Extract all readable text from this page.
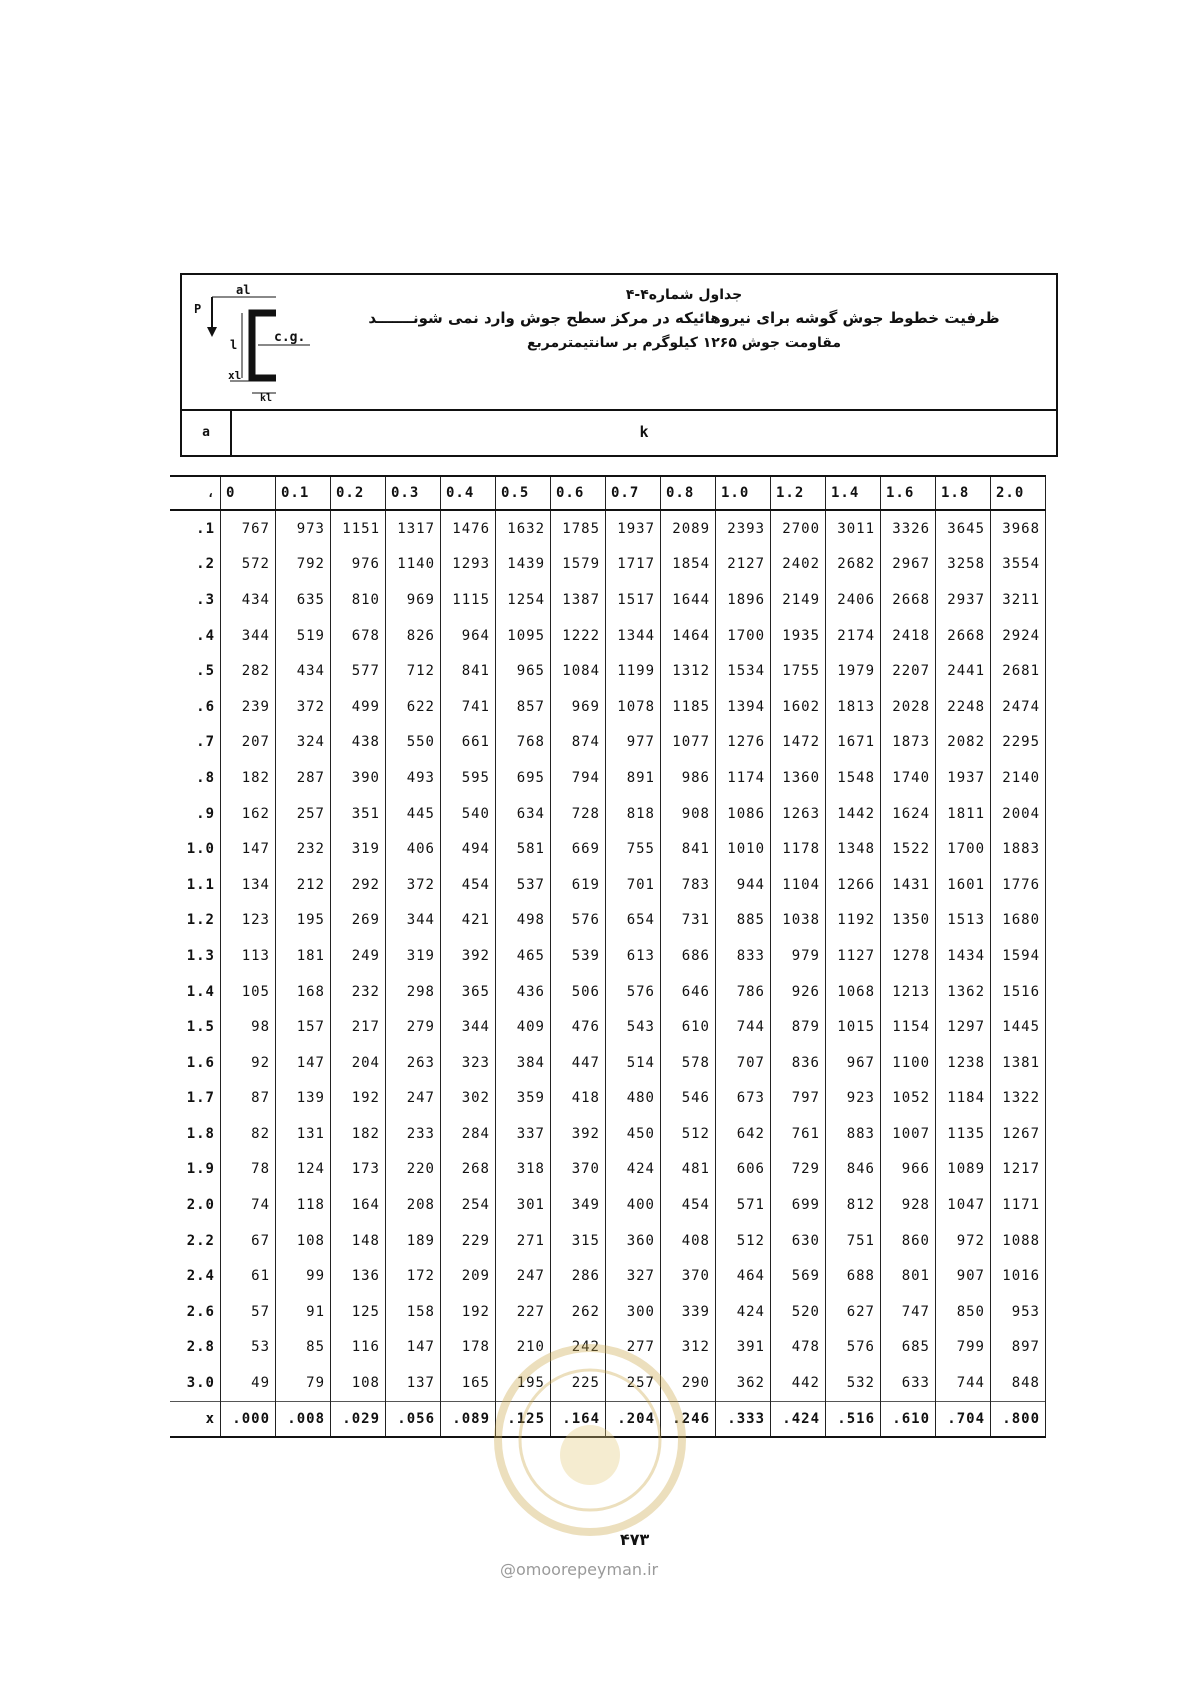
P
al
l	c.g.
xl
kl
جداول شماره۴-۴
ظرفیت خطوط جوش گوشه برای نیروهائیکه در مرکز سطح جوش وارد نمی شونـــــــد
مقاومت جوش ۱۲۶۵ کیلوگرم بر سانتیمترمربع
a	k
،	0	0.1	0.2	0.3	0.4	0.5	0.6	0.7	0.8	1.0	1.2	1.4	1.6	1.8	2.0
.1	767	973	1151	1317	1476	1632	1785	1937	2089	2393	2700	3011	3326	3645	3968
.2	572	792	976	1140	1293	1439	1579	1717	1854	2127	2402	2682	2967	3258	3554
.3	434	635	810	969	1115	1254	1387	1517	1644	1896	2149	2406	2668	2937	3211
.4	344	519	678	826	964	1095	1222	1344	1464	1700	1935	2174	2418	2668	2924
.5	282	434	577	712	841	965	1084	1199	1312	1534	1755	1979	2207	2441	2681
.6	239	372	499	622	741	857	969	1078	1185	1394	1602	1813	2028	2248	2474
.7	207	324	438	550	661	768	874	977	1077	1276	1472	1671	1873	2082	2295
.8	182	287	390	493	595	695	794	891	986	1174	1360	1548	1740	1937	2140
.9	162	257	351	445	540	634	728	818	908	1086	1263	1442	1624	1811	2004
1.0	147	232	319	406	494	581	669	755	841	1010	1178	1348	1522	1700	1883
1.1	134	212	292	372	454	537	619	701	783	944	1104	1266	1431	1601	1776
1.2	123	195	269	344	421	498	576	654	731	885	1038	1192	1350	1513	1680
1.3	113	181	249	319	392	465	539	613	686	833	979	1127	1278	1434	1594
1.4	105	168	232	298	365	436	506	576	646	786	926	1068	1213	1362	1516
1.5	98	157	217	279	344	409	476	543	610	744	879	1015	1154	1297	1445
1.6	92	147	204	263	323	384	447	514	578	707	836	967	1100	1238	1381
1.7	87	139	192	247	302	359	418	480	546	673	797	923	1052	1184	1322
1.8	82	131	182	233	284	337	392	450	512	642	761	883	1007	1135	1267
1.9	78	124	173	220	268	318	370	424	481	606	729	846	966	1089	1217
2.0	74	118	164	208	254	301	349	400	454	571	699	812	928	1047	1171
2.2	67	108	148	189	229	271	315	360	408	512	630	751	860	972	1088
2.4	61	99	136	172	209	247	286	327	370	464	569	688	801	907	1016
2.6	57	91	125	158	192	227	262	300	339	424	520	627	747	850	953
2.8	53	85	116	147	178	210	242	277	312	391	478	576	685	799	897
3.0	49	79	108	137	165	195	225	257	290	362	442	532	633	744	848
x	.000	.008	.029	.056	.089	.125	.164	.204	.246	.333	.424	.516	.610	.704	.800
۴۷۳
@omoorepeyman.ir
